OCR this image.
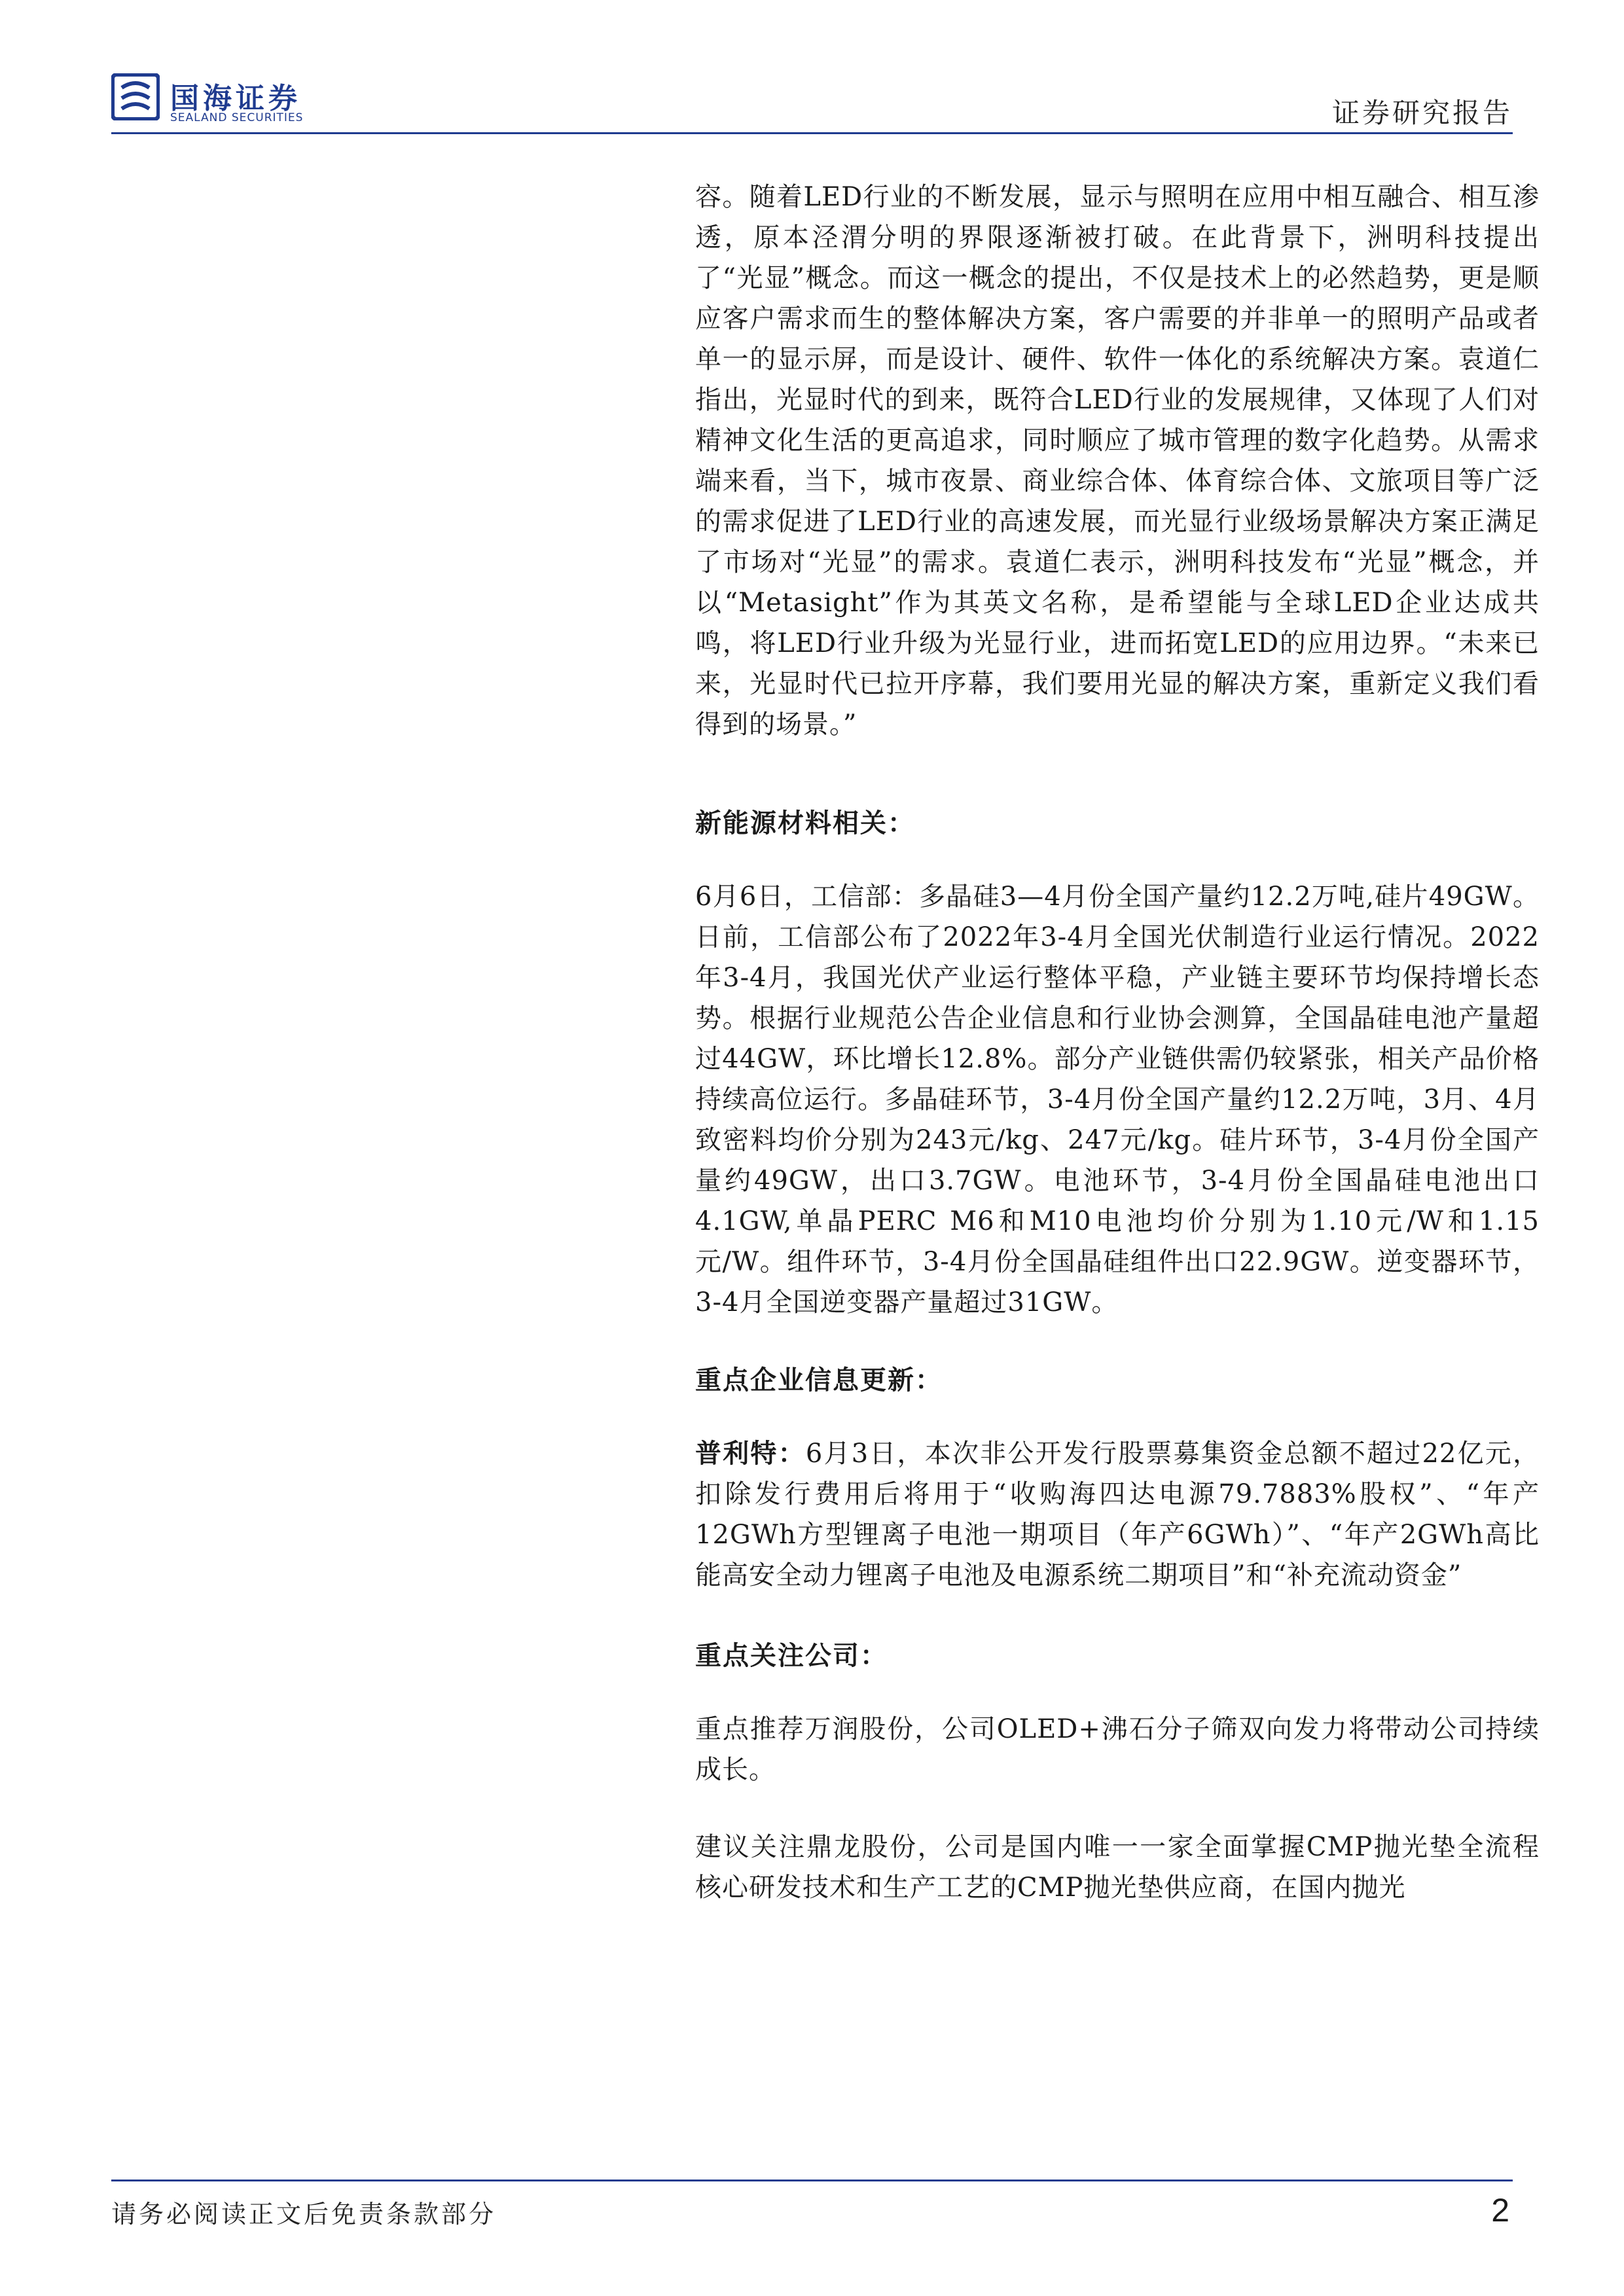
国海证券
SEALAND SECURITIES	证券研究报告

容。随着LED行业的不断发展，显示与照明在应用中相互融合、相互渗透，原本泾渭分明的界限逐渐被打破。在此背景下，洲明科技提出了“光显”概念。而这一概念的提出，不仅是技术上的必然趋势，更是顺应客户需求而生的整体解决方案，客户需要的并非单一的照明产品或者单一的显示屏，而是设计、硬件、软件一体化的系统解决方案。袁道仁指出，光显时代的到来，既符合LED行业的发展规律，又体现了人们对精神文化生活的更高追求，同时顺应了城市管理的数字化趋势。从需求端来看，当下，城市夜景、商业综合体、体育综合体、文旅项目等广泛的需求促进了LED行业的高速发展，而光显行业级场景解决方案正满足了市场对“光显”的需求。袁道仁表示，洲明科技发布“光显”概念，并以“Metasight”作为其英文名称，是希望能与全球LED企业达成共鸣，将LED行业升级为光显行业，进而拓宽LED的应用边界。“未来已来，光显时代已拉开序幕，我们要用光显的解决方案，重新定义我们看得到的场景。”

新能源材料相关：

6月6日，工信部：多晶硅3—4月份全国产量约12.2万吨,硅片49GW。日前，工信部公布了2022年3-4月全国光伏制造行业运行情况。2022年3-4月，我国光伏产业运行整体平稳，产业链主要环节均保持增长态势。根据行业规范公告企业信息和行业协会测算，全国晶硅电池产量超过44GW，环比增长12.8%。部分产业链供需仍较紧张，相关产品价格持续高位运行。多晶硅环节，3-4月份全国产量约12.2万吨，3月、4月致密料均价分别为243元/kg、247元/kg。硅片环节，3-4月份全国产量约49GW，出口3.7GW。电池环节，3-4月份全国晶硅电池出口4.1GW,单晶PERC M6和M10电池均价分别为1.10元/W和1.15元/W。组件环节，3-4月份全国晶硅组件出口22.9GW。逆变器环节，3-4月全国逆变器产量超过31GW。

重点企业信息更新：

普利特：6月3日，本次非公开发行股票募集资金总额不超过22亿元，扣除发行费用后将用于“收购海四达电源79.7883%股权”、“年产12GWh方型锂离子电池一期项目（年产6GWh）”、“年产2GWh高比能高安全动力锂离子电池及电源系统二期项目”和“补充流动资金”

重点关注公司：

重点推荐万润股份，公司OLED+沸石分子筛双向发力将带动公司持续成长。

建议关注鼎龙股份，公司是国内唯一一家全面掌握CMP抛光垫全流程核心研发技术和生产工艺的CMP抛光垫供应商，在国内抛光

请务必阅读正文后免责条款部分	2
